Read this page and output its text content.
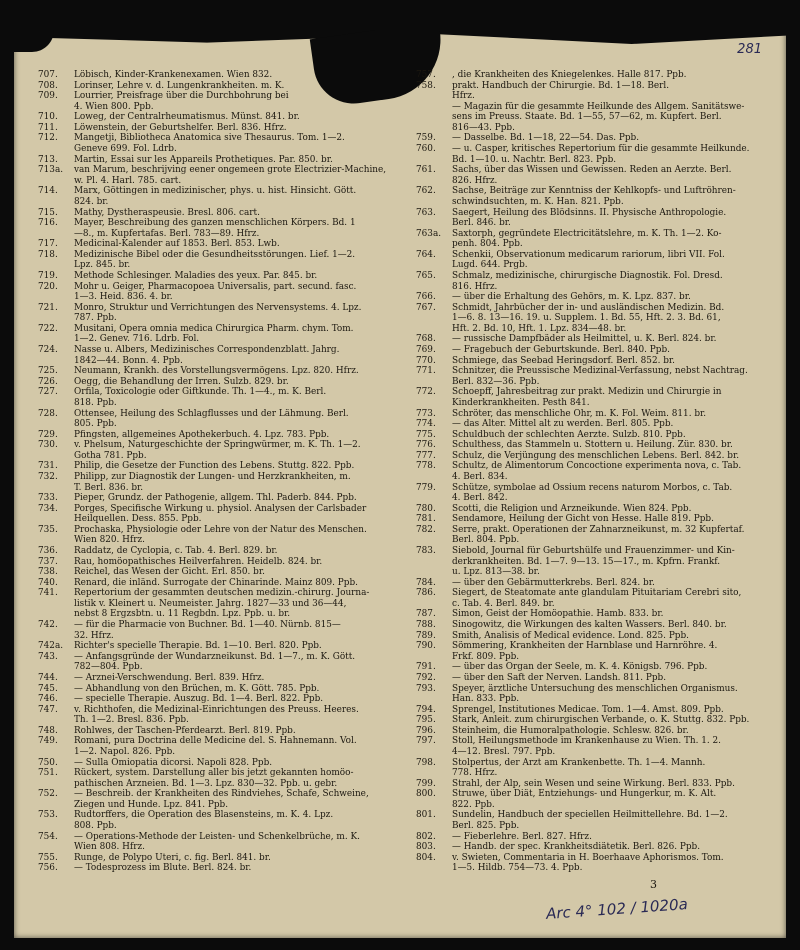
281
707.	Löbisch, Kinder-Krankenexamen. Wien 832.
708.	Lorinser, Lehre v. d. Lungenkrankheiten. m. K.
709.	Lourrier, Preisfrage über die Durchbohrung bei
4. Wien 800. Ppb.
710.	Loweg, der Centralrheumatismus. Münst. 841. br.
711.	Löwenstein, der Geburtshelfer. Berl. 836. Hfrz.
712.	Mangetji, Bibliotheca Anatomica sive Thesaurus. Tom. 1—2.
Geneve 699. Fol. Ldrb.
713.	Martin, Essai sur les Appareils Prothetiques. Par. 850. br.
713a.	van Marum, beschrijving eener ongemeen grote Electrizier-Machine,
w. Pl. 4. Harl. 785. cart.
714.	Marx, Göttingen in medizinischer, phys. u. hist. Hinsicht. Gött.
824. br.
715.	Mathy, Dystheraspeusie. Bresl. 806. cart.
716.	Mayer, Beschreibung des ganzen menschlichen Körpers. Bd. 1
—8., m. Kupfertafas. Berl. 783—89. Hfrz.
717.	Medicinal-Kalender auf 1853. Berl. 853. Lwb.
718.	Medizinische Bibel oder die Gesundheitsstörungen. Lief. 1—2.
Lpz. 845. br.
719.	Methode Schlesinger. Maladies des yeux. Par. 845. br.
720.	Mohr u. Geiger, Pharmacopoea Universalis, part. secund. fasc.
1—3. Heid. 836. 4. br.
721.	Monro, Struktur und Verrichtungen des Nervensystems. 4. Lpz.
787. Ppb.
722.	Musitani, Opera omnia medica Chirurgica Pharm. chym. Tom.
1—2. Genev. 716. Ldrb. Fol.
724.	Nasse u. Albers, Medizinisches Correspondenzblatt. Jahrg.
1842—44. Bonn. 4. Ppb.
725.	Neumann, Krankh. des Vorstellungsvermögens. Lpz. 820. Hfrz.
726.	Oegg, die Behandlung der Irren. Sulzb. 829. br.
727.	Orfila, Toxicologie oder Giftkunde. Th. 1—4., m. K. Berl.
818. Ppb.
728.	Ottensee, Heilung des Schlagflusses und der Lähmung. Berl.
805. Ppb.
729.	Pfingsten, allgemeines Apothekerbuch. 4. Lpz. 783. Ppb.
730.	v. Phelsum, Naturgeschichte der Springwürmer, m. K. Th. 1—2.
Gotha 781. Ppb.
731.	Philip, die Gesetze der Function des Lebens. Stuttg. 822. Ppb.
732.	Philipp, zur Diagnostik der Lungen- und Herzkrankheiten, m.
T. Berl. 836. br.
733.	Pieper, Grundz. der Pathogenie, allgem. Thl. Paderb. 844. Ppb.
734.	Porges, Specifische Wirkung u. physiol. Analysen der Carlsbader
Heilquellen. Dess. 855. Ppb.
735.	Prochaska, Physiologie oder Lehre von der Natur des Menschen.
Wien 820. Hfrz.
736.	Raddatz, de Cyclopia, c. Tab. 4. Berl. 829. br.
737.	Rau, homöopathisches Heilverfahren. Heidelb. 824. br.
738.	Reichel, das Wesen der Gicht. Erl. 850. br.
740.	Renard, die inländ. Surrogate der Chinarinde. Mainz 809. Ppb.
741.	Repertorium der gesammten deutschen medizin.-chirurg. Journa-
listik v. Kleinert u. Neumeister. Jahrg. 1827—33 und 36—44,
nebst 8 Ergzsbtn. u. 11 Regbdn. Lpz. Ppb. u. br.
742.	— für die Pharmacie von Buchner. Bd. 1—40. Nürnb. 815—
32. Hfrz.
742a.	Richter's specielle Therapie. Bd. 1—10. Berl. 820. Ppb.
743.	— Anfangsgründe der Wundarzneikunst. Bd. 1—7., m. K. Gött.
782—804. Ppb.
744.	— Arznei-Verschwendung. Berl. 839. Hfrz.
745.	— Abhandlung von den Brüchen, m. K. Gött. 785. Ppb.
746.	— specielle Therapie. Auszug. Bd. 1—4. Berl. 822. Ppb.
747.	v. Richthofen, die Medizinal-Einrichtungen des Preuss. Heeres.
Th. 1—2. Bresl. 836. Ppb.
748.	Rohlwes, der Taschen-Pferdearzt. Berl. 819. Ppb.
749.	Romani, pura Doctrina delle Medicine del. S. Hahnemann. Vol.
1—2. Napol. 826. Ppb.
750.	— Sulla Omiopatia dicorsi. Napoli 828. Ppb.
751.	Rückert, system. Darstellung aller bis jetzt gekannten homöo-
pathischen Arzneien. Bd. 1—3. Lpz. 830—32. Ppb. u. gebr.
752.	— Beschreib. der Krankheiten des Rindviehes, Schafe, Schweine,
Ziegen und Hunde. Lpz. 841. Ppb.
753.	Rudtorffers, die Operation des Blasensteins, m. K. 4. Lpz.
808. Ppb.
754.	— Operations-Methode der Leisten- und Schenkelbrüche, m. K.
Wien 808. Hfrz.
755.	Runge, de Polypo Uteri, c. fig. Berl. 841. br.
756.	— Todesprozess im Blute. Berl. 824. br.
757.	, die Krankheiten des Kniegelenkes. Halle 817. Ppb.
758.	prakt. Handbuch der Chirurgie. Bd. 1—18. Berl.
Hfrz.
— Magazin für die gesammte Heilkunde des Allgem. Sanitätswe-
sens im Preuss. Staate. Bd. 1—55, 57—62, m. Kupfert. Berl.
816—43. Ppb.
759.	— Dasselbe. Bd. 1—18, 22—54. Das. Ppb.
760.	— u. Casper, kritisches Repertorium für die gesammte Heilkunde.
Bd. 1—10. u. Nachtr. Berl. 823. Ppb.
761.	Sachs, über das Wissen und Gewissen. Reden an Aerzte. Berl.
826. Hfrz.
762.	Sachse, Beiträge zur Kenntniss der Kehlkopfs- und Luftröhren-
schwindsuchten, m. K. Han. 821. Ppb.
763.	Saegert, Heilung des Blödsinns. II. Physische Anthropologie.
Berl. 846. br.
763a.	Saxtorph, gegründete Electricitätslehre, m. K. Th. 1—2. Ko-
penh. 804. Ppb.
764.	Schenkii, Observationum medicarum rariorum, libri VII. Fol.
Lugd. 644. Prgb.
765.	Schmalz, medizinische, chirurgische Diagnostik. Fol. Dresd.
816. Hfrz.
766.	— über die Erhaltung des Gehörs, m. K. Lpz. 837. br.
767.	Schmidt, Jahrbücher der in- und ausländischen Medizin. Bd.
1—6. 8. 13—16. 19. u. Supplem. 1. Bd. 55, Hft. 2. 3. Bd. 61,
Hft. 2. Bd. 10, Hft. 1. Lpz. 834—48. br.
768.	— russische Dampfbäder als Heilmittel, u. K. Berl. 824. br.
769.	— Fragebuch der Geburtskunde. Berl. 840. Ppb.
770.	Schmiege, das Seebad Heringsdorf. Berl. 852. br.
771.	Schnitzer, die Preussische Medizinal-Verfassung, nebst Nachtrag.
Berl. 832—36. Ppb.
772.	Schoepff, Jahresbeitrag zur prakt. Medizin und Chirurgie in
Kinderkrankheiten. Pesth 841.
773.	Schröter, das menschliche Ohr, m. K. Fol. Weim. 811. br.
774.	— das Alter. Mittel alt zu werden. Berl. 805. Ppb.
775.	Schuldbuch der schlechten Aerzte. Sulzb. 810. Ppb.
776.	Schulthess, das Stammeln u. Stottern u. Heilung. Zür. 830. br.
777.	Schulz, die Verjüngung des menschlichen Lebens. Berl. 842. br.
778.	Schultz, de Alimentorum Concoctione experimenta nova, c. Tab.
4. Berl. 834.
779.	Schütze, symbolae ad Ossium recens naturom Morbos, c. Tab.
4. Berl. 842.
780.	Scotti, die Religion und Arzneikunde. Wien 824. Ppb.
781.	Sendamore, Heilung der Gicht von Hesse. Halle 819. Ppb.
782.	Serre, prakt. Operationen der Zahnarzneikunst, m. 32 Kupfertaf.
Berl. 804. Ppb.
783.	Siebold, Journal für Geburtshülfe und Frauenzimmer- und Kin-
derkrankheiten. Bd. 1—7. 9—13. 15—17., m. Kpfrn. Frankf.
u. Lpz. 813—38. br.
784.	— über den Gebärmutterkrebs. Berl. 824. br.
786.	Siegert, de Steatomate ante glandulam Pituitariam Cerebri sito,
c. Tab. 4. Berl. 849. br.
787.	Simon, Geist der Homöopathie. Hamb. 833. br.
788.	Sinogowitz, die Wirkungen des kalten Wassers. Berl. 840. br.
789.	Smith, Analisis of Medical evidence. Lond. 825. Ppb.
790.	Sömmering, Krankheiten der Harnblase und Harnröhre. 4.
Frkf. 809. Ppb.
791.	— über das Organ der Seele, m. K. 4. Königsb. 796. Ppb.
792.	— über den Saft der Nerven. Landsh. 811. Ppb.
793.	Speyer, ärztliche Untersuchung des menschlichen Organismus.
Han. 833. Ppb.
794.	Sprengel, Institutiones Medicae. Tom. 1—4. Amst. 809. Ppb.
795.	Stark, Anleit. zum chirurgischen Verbande, o. K. Stuttg. 832. Ppb.
796.	Steinheim, die Humoralpathologie. Schlesw. 826. br.
797.	Stoll, Heilungsmethode im Krankenhause zu Wien. Th. 1. 2.
4—12. Bresl. 797. Ppb.
798.	Stolpertus, der Arzt am Krankenbette. Th. 1—4. Mannh.
778. Hfrz.
799.	Strahl, der Alp, sein Wesen und seine Wirkung. Berl. 833. Ppb.
800.	Struwe, über Diät, Entziehungs- und Hungerkur, m. K. Alt.
822. Ppb.
801.	Sundelin, Handbuch der speciellen Heilmittellehre. Bd. 1—2.
Berl. 825. Ppb.
802.	— Fieberlehre. Berl. 827. Hfrz.
803.	— Handb. der spec. Krankheitsdiätetik. Berl. 826. Ppb.
804.	v. Swieten, Commentaria in H. Boerhaave Aphorismos. Tom.
1—5. Hildb. 754—73. 4. Ppb.
3
Arc 4° 102 / 1020a
